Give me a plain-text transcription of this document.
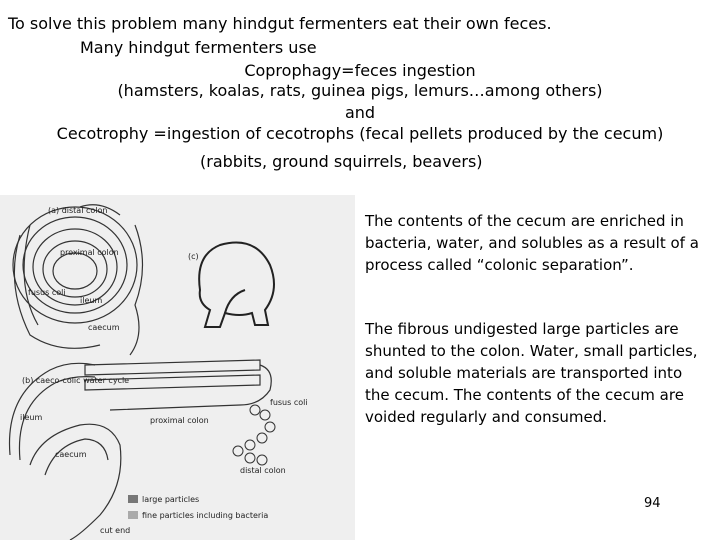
To solve this problem many hindgut fermenters eat their own feces.
Many hindgut fermenters use
Coprophagy=feces ingestion
(hamsters, koalas, rats, guinea pigs, lemurs…among others)
and
Cecotrophy =ingestion of cecotrophs (fecal pellets produced by the cecum)
(rabbits, ground squirrels, beavers)
(a) distal colon
proximal colon
fusus coli
ileum
caecum
(c)
(b) caeco-colic water cycle
ileum
fusus coli
proximal colon
distal colon
caecum
large particles
fine particles including bacteria
cut end
The contents of the cecum are enriched in bacteria, water, and solubles as a result of a process called “colonic separation”.
The fibrous undigested large particles are shunted to the colon. Water, small particles, and soluble materials are transported into the cecum. The contents of the cecum are voided regularly and consumed.
94
